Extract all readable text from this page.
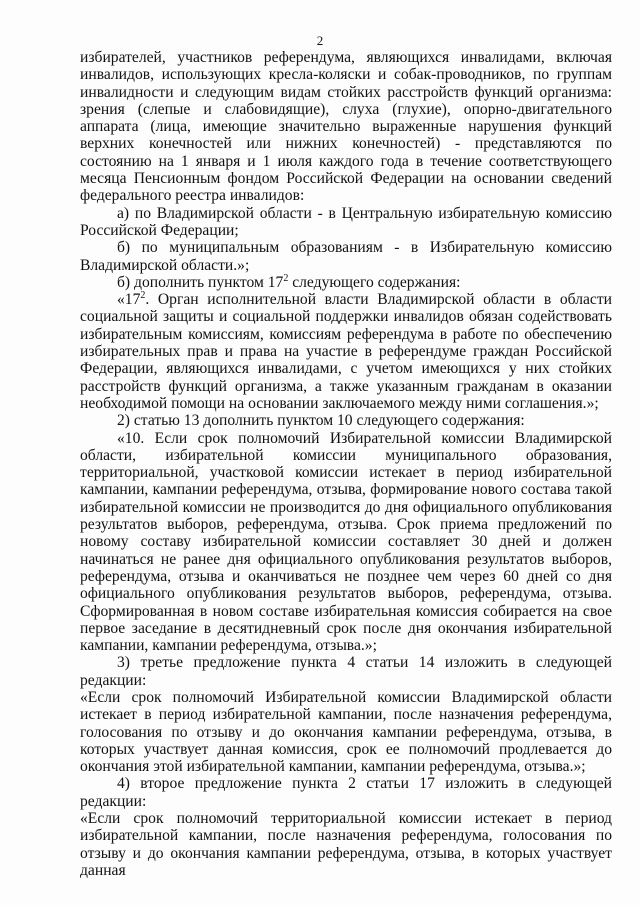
2

избирателей, участников референдума, являющихся инвалидами, включая инвалидов, использующих кресла-коляски и собак-проводников, по группам инвалидности и следующим видам стойких расстройств функций организма: зрения (слепые и слабовидящие), слуха (глухие), опорно-двигательного аппарата (лица, имеющие значительно выраженные нарушения функций верхних конечностей или нижних конечностей) - представляются по состоянию на 1 января и 1 июля каждого года в течение соответствующего месяца Пенсионным фондом Российской Федерации на основании сведений федерального реестра инвалидов:

а) по Владимирской области - в Центральную избирательную комиссию Российской Федерации;

б) по муниципальным образованиям - в Избирательную комиссию Владимирской области.»;

б) дополнить пунктом $17^2$ следующего содержания:

«$17^2$. Орган исполнительной власти Владимирской области в области социальной защиты и социальной поддержки инвалидов обязан содействовать избирательным комиссиям, комиссиям референдума в работе по обеспечению избирательных прав и права на участие в референдуме граждан Российской Федерации, являющихся инвалидами, с учетом имеющихся у них стойких расстройств функций организма, а также указанным гражданам в оказании необходимой помощи на основании заключаемого между ними соглашения.»;

2) статью 13 дополнить пунктом 10 следующего содержания:

«10. Если срок полномочий Избирательной комиссии Владимирской области, избирательной комиссии муниципального образования, территориальной, участковой комиссии истекает в период избирательной кампании, кампании референдума, отзыва, формирование нового состава такой избирательной комиссии не производится до дня официального опубликования результатов выборов, референдума, отзыва. Срок приема предложений по новому составу избирательной комиссии составляет 30 дней и должен начинаться не ранее дня официального опубликования результатов выборов, референдума, отзыва и оканчиваться не позднее чем через 60 дней со дня официального опубликования результатов выборов, референдума, отзыва. Сформированная в новом составе избирательная комиссия собирается на свое первое заседание в десятидневный срок после дня окончания избирательной кампании, кампании референдума, отзыва.»;

3) третье предложение пункта 4 статьи 14 изложить в следующей редакции:

«Если срок полномочий Избирательной комиссии Владимирской области истекает в период избирательной кампании, после назначения референдума, голосования по отзыву и до окончания кампании референдума, отзыва, в которых участвует данная комиссия, срок ее полномочий продлевается до окончания этой избирательной кампании, кампании референдума, отзыва.»;

4) второе предложение пункта 2 статьи 17 изложить в следующей редакции:

«Если срок полномочий территориальной комиссии истекает в период избирательной кампании, после назначения референдума, голосования по отзыву и до окончания кампании референдума, отзыва, в которых участвует данная
